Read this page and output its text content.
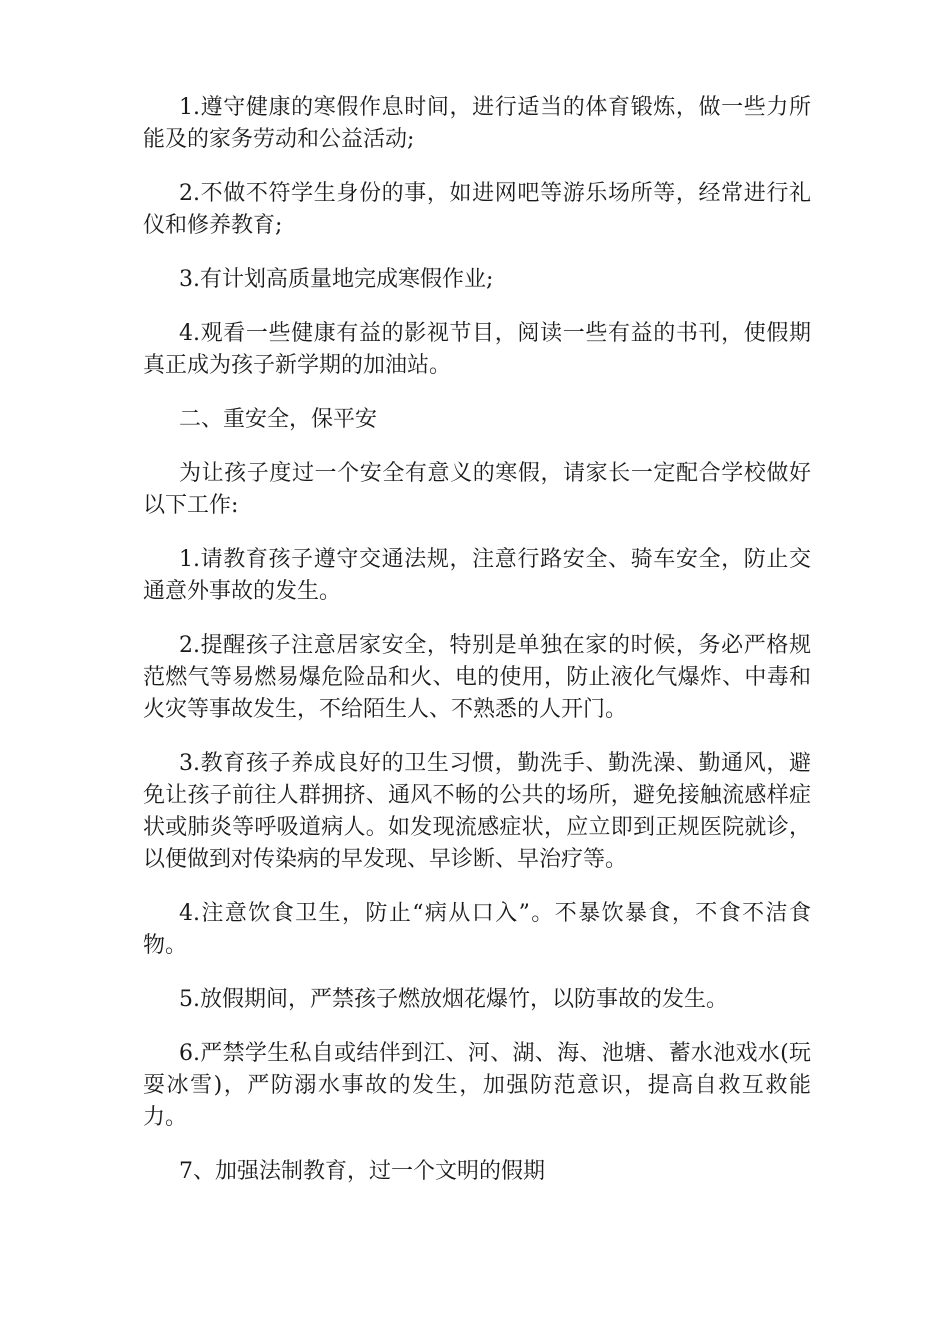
1.遵守健康的寒假作息时间，进行适当的体育锻炼，做一些力所能及的家务劳动和公益活动;

2.不做不符学生身份的事，如进网吧等游乐场所等，经常进行礼仪和修养教育;

3.有计划高质量地完成寒假作业;

4.观看一些健康有益的影视节目，阅读一些有益的书刊，使假期真正成为孩子新学期的加油站。

二、重安全，保平安

为让孩子度过一个安全有意义的寒假，请家长一定配合学校做好以下工作:

1.请教育孩子遵守交通法规，注意行路安全、骑车安全，防止交通意外事故的发生。

2.提醒孩子注意居家安全，特别是单独在家的时候，务必严格规范燃气等易燃易爆危险品和火、电的使用，防止液化气爆炸、中毒和火灾等事故发生，不给陌生人、不熟悉的人开门。

3.教育孩子养成良好的卫生习惯，勤洗手、勤洗澡、勤通风，避免让孩子前往人群拥挤、通风不畅的公共的场所，避免接触流感样症状或肺炎等呼吸道病人。如发现流感症状，应立即到正规医院就诊，以便做到对传染病的早发现、早诊断、早治疗等。

4.注意饮食卫生，防止“病从口入”。不暴饮暴食，不食不洁食物。

5.放假期间，严禁孩子燃放烟花爆竹，以防事故的发生。

6.严禁学生私自或结伴到江、河、湖、海、池塘、蓄水池戏水(玩耍冰雪)，严防溺水事故的发生，加强防范意识，提高自救互救能力。

7、加强法制教育，过一个文明的假期
